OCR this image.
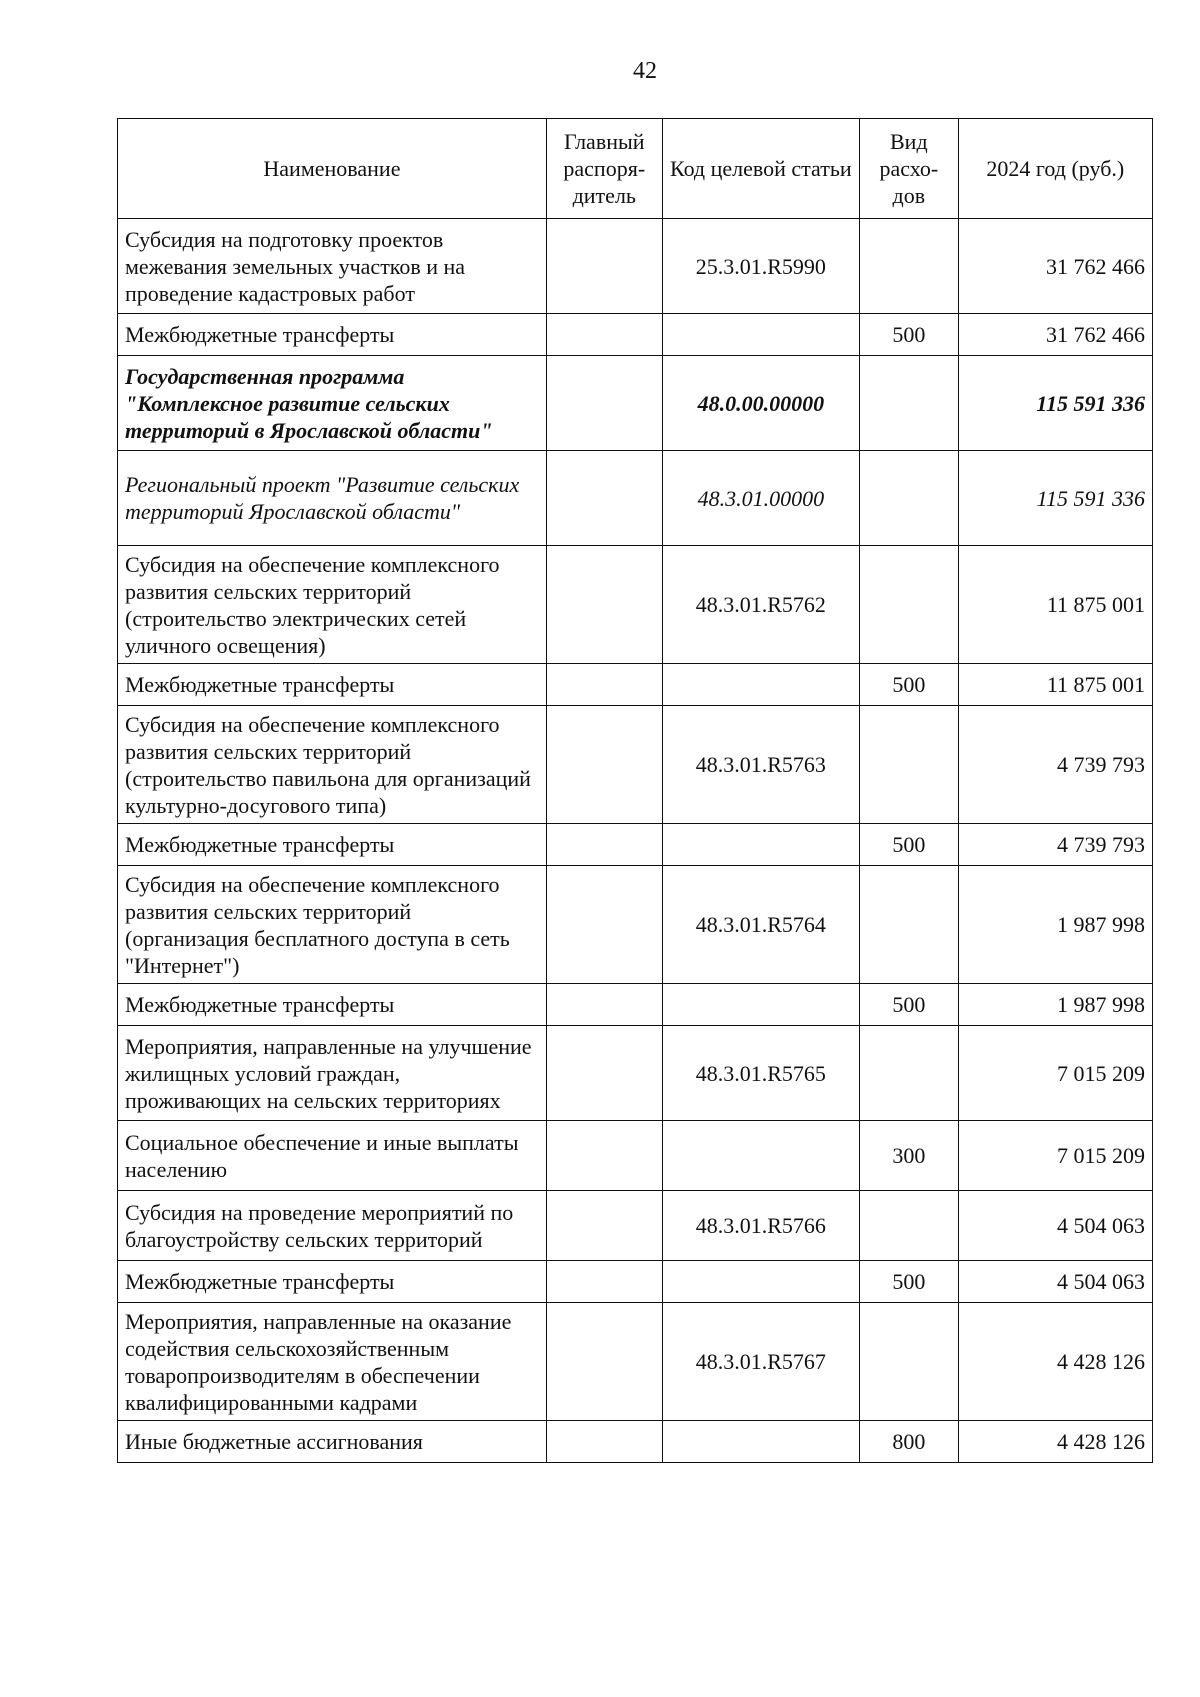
42
Наименование	Главный распоря-дитель	Код целевой статьи	Вид расхо-дов	2024 год (руб.)
Субсидия на подготовку проектов межевания земельных участков и на проведение кадастровых работ		25.3.01.R5990		31 762 466
Межбюджетные трансферты			500	31 762 466
Государственная программа "Комплексное развитие сельских территорий в Ярославской области"		48.0.00.00000		115 591 336
Региональный проект "Развитие сельских территорий Ярославской области"		48.3.01.00000		115 591 336
Субсидия на обеспечение комплексного развития сельских территорий (строительство электрических сетей уличного освещения)		48.3.01.R5762		11 875 001
Межбюджетные трансферты			500	11 875 001
Субсидия на обеспечение комплексного развития сельских территорий (строительство павильона для организаций культурно-досугового типа)		48.3.01.R5763		4 739 793
Межбюджетные трансферты			500	4 739 793
Субсидия на обеспечение комплексного развития сельских территорий (организация бесплатного доступа в сеть "Интернет")		48.3.01.R5764		1 987 998
Межбюджетные трансферты			500	1 987 998
Мероприятия, направленные на улучшение жилищных условий граждан, проживающих на сельских территориях		48.3.01.R5765		7 015 209
Социальное обеспечение и иные выплаты населению			300	7 015 209
Субсидия на проведение мероприятий по благоустройству сельских территорий		48.3.01.R5766		4 504 063
Межбюджетные трансферты			500	4 504 063
Мероприятия, направленные на оказание содействия сельскохозяйственным товаропроизводителям в обеспечении квалифицированными кадрами		48.3.01.R5767		4 428 126
Иные бюджетные ассигнования			800	4 428 126
